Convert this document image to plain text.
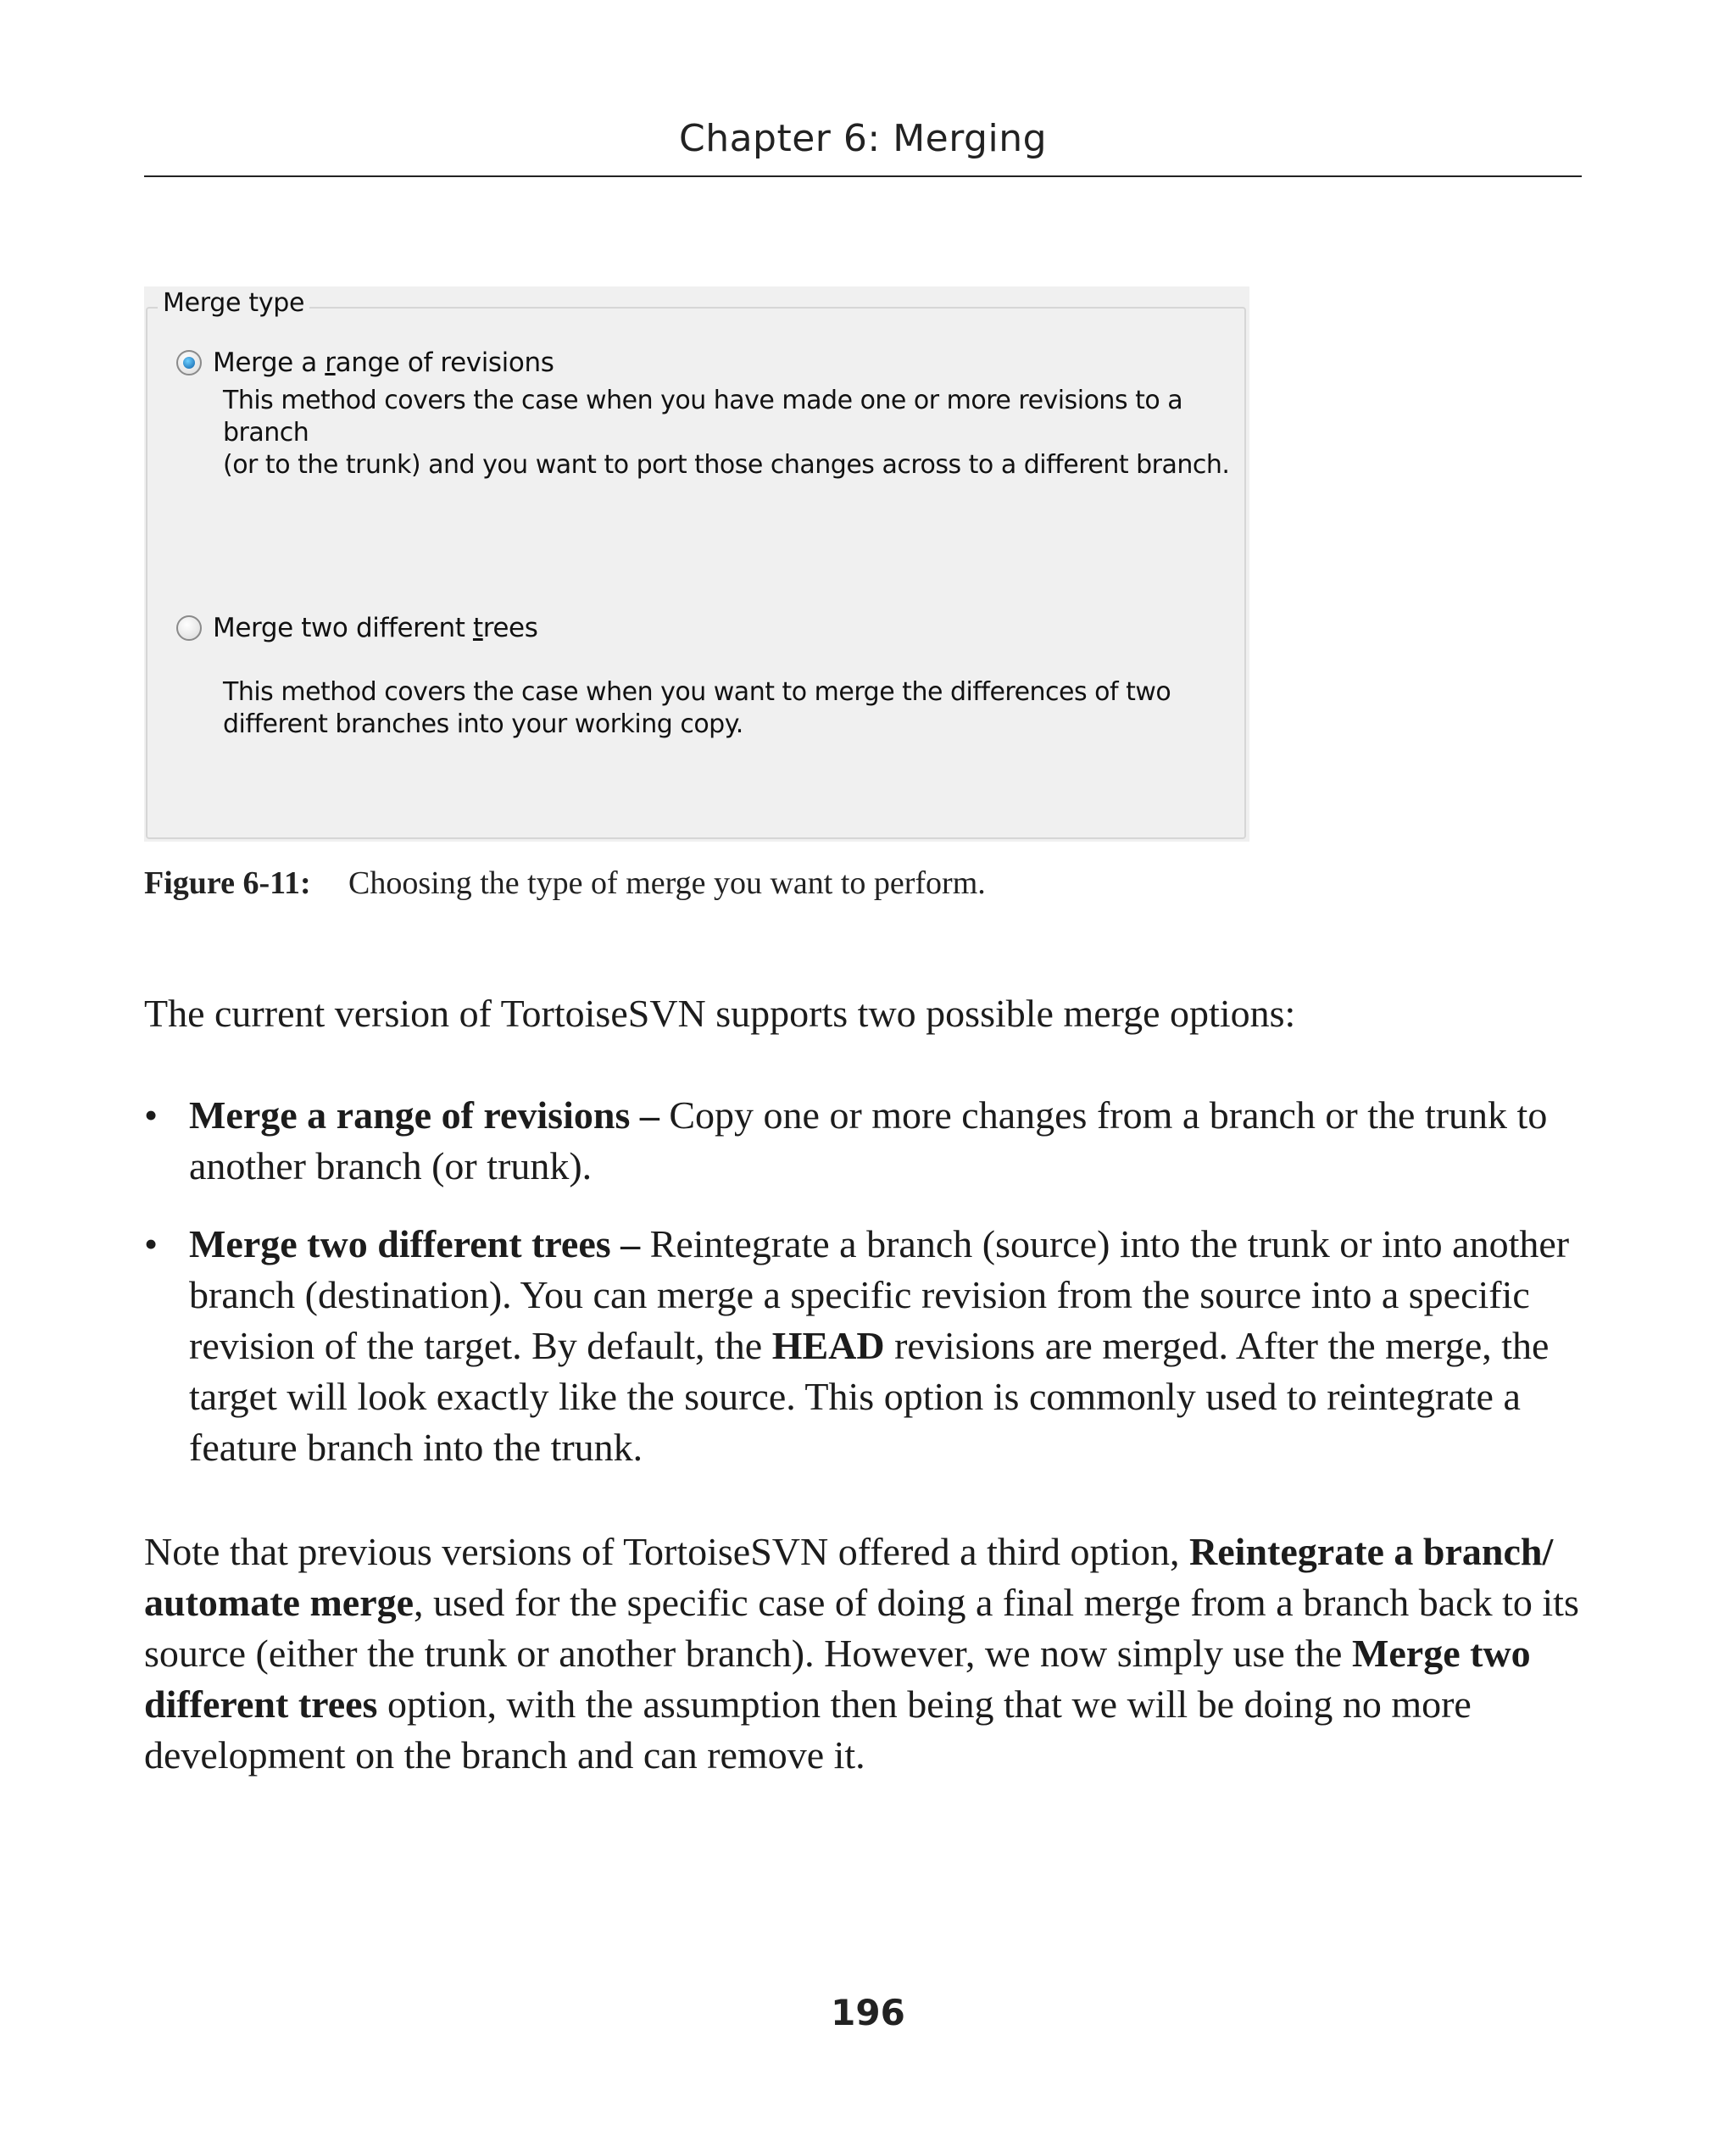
Chapter 6: Merging
Merge type
Merge a range of revisions
This method covers the case when you have made one or more revisions to a branch
(or to the trunk) and you want to port those changes across to a different branch.
Merge two different trees
This method covers the case when you want to merge the differences of two
different branches into your working copy.
Figure 6-11: Choosing the type of merge you want to perform.
The current version of TortoiseSVN supports two possible merge options:
• Merge a range of revisions – Copy one or more changes from a branch or the trunk to another branch (or trunk).
• Merge two different trees – Reintegrate a branch (source) into the trunk or into another branch (destination). You can merge a specific revision from the source into a specific revision of the target. By default, the HEAD revisions are merged. After the merge, the target will look exactly like the source. This option is commonly used to reintegrate a feature branch into the trunk.
Note that previous versions of TortoiseSVN offered a third option, Reintegrate a branch/ automate merge, used for the specific case of doing a final merge from a branch back to its source (either the trunk or another branch). However, we now simply use the Merge two different trees option, with the assumption then being that we will be doing no more development on the branch and can remove it.
196
